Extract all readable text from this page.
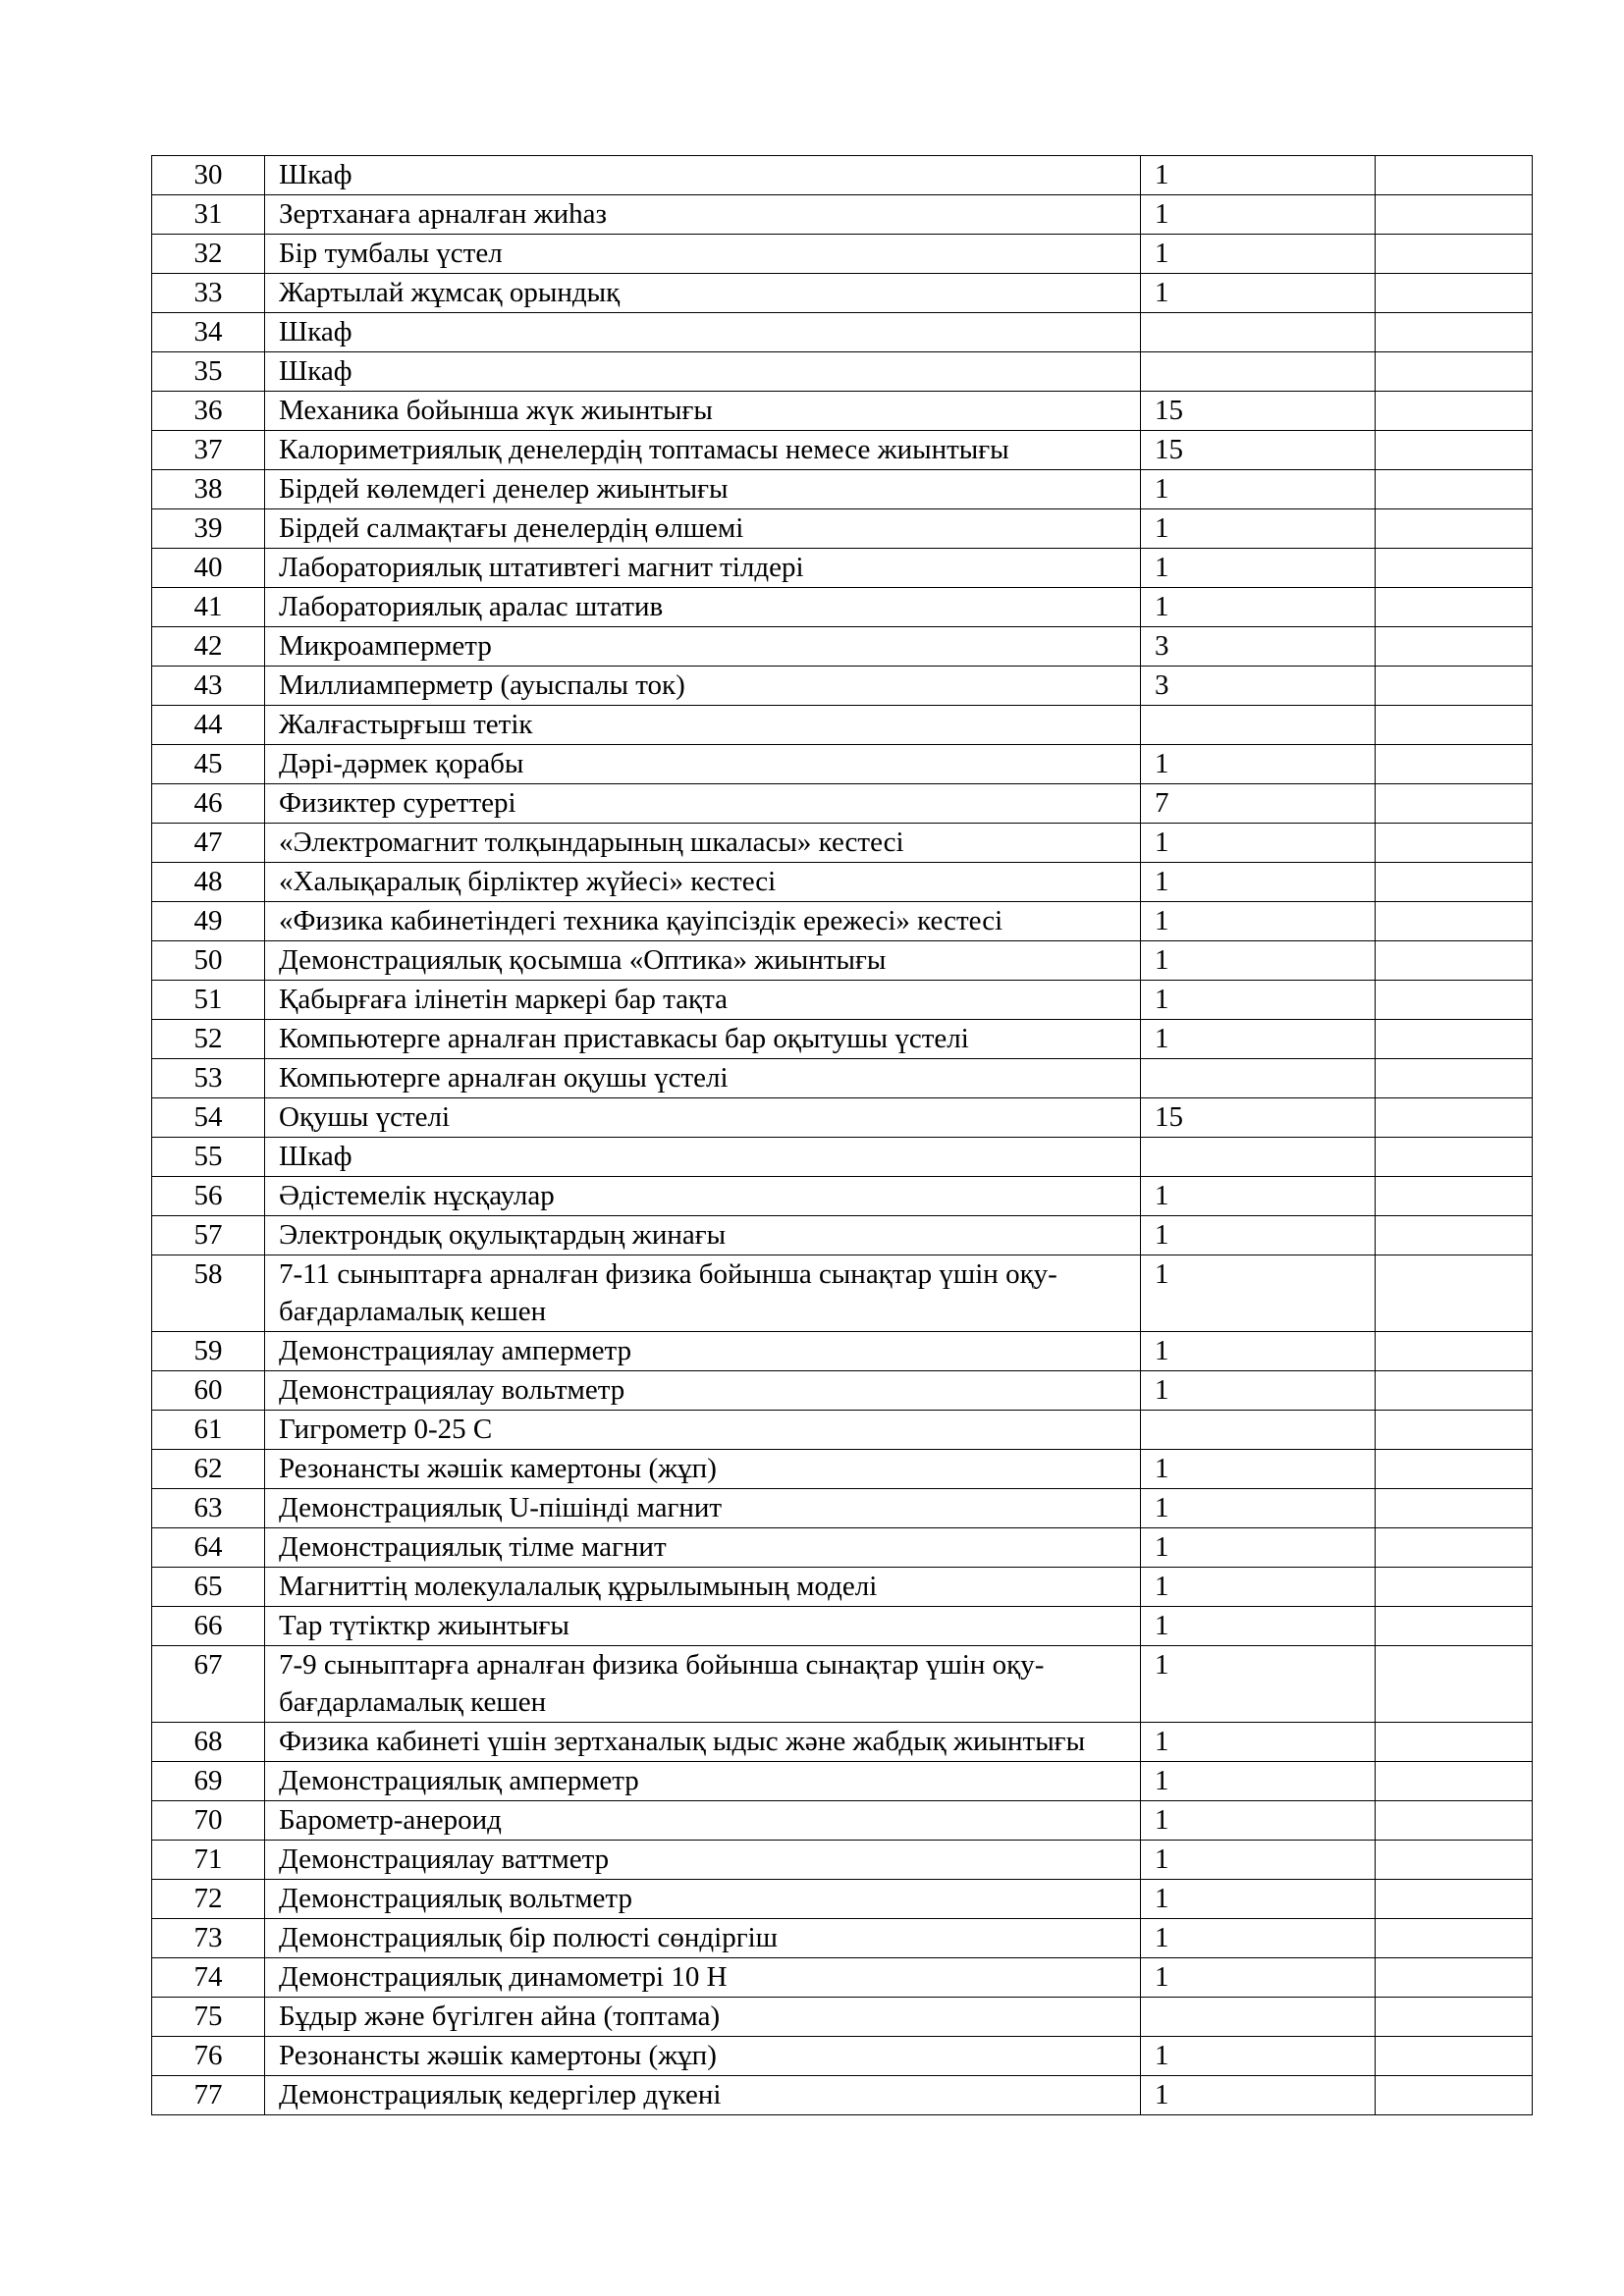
30	Шкаф	1	
31	Зертханаға арналған жиһаз	1	
32	Бір тумбалы үстел	1	
33	Жартылай жұмсақ орындық	1	
34	Шкаф		
35	Шкаф		
36	Механика бойынша жүк жиынтығы	15	
37	Калориметриялық денелердің топтамасы немесе жиынтығы	15	
38	Бірдей көлемдегі денелер жиынтығы	1	
39	Бірдей салмақтағы денелердің өлшемі	1	
40	Лабораториялық штативтегі магнит тілдері	1	
41	Лабораториялық аралас штатив	1	
42	Микроамперметр	3	
43	Миллиамперметр (ауыспалы ток)	3	
44	Жалғастырғыш тетік		
45	Дәрі-дәрмек қорабы	1	
46	Физиктер суреттері	7	
47	«Электромагнит толқындарының шкаласы» кестесі	1	
48	«Халықаралық бірліктер жүйесі» кестесі	1	
49	«Физика кабинетіндегі техника қауіпсіздік ережесі» кестесі	1	
50	Демонстрациялық қосымша «Оптика» жиынтығы	1	
51	Қабырғаға ілінетін маркері бар тақта	1	
52	Компьютерге арналған приставкасы бар оқытушы үстелі	1	
53	Компьютерге арналған оқушы үстелі		
54	Оқушы үстелі	15	
55	Шкаф		
56	Әдістемелік нұсқаулар	1	
57	Электрондық оқулықтардың жинағы	1	
58	7-11 сыныптарға арналған физика бойынша сынақтар үшін оқу-бағдарламалық кешен	1	
59	Демонстрациялау амперметр	1	
60	Демонстрациялау вольтметр	1	
61	Гигрометр 0-25 С		
62	Резонансты жәшік камертоны (жұп)	1	
63	Демонстрациялық U-пішінді магнит	1	
64	Демонстрациялық тілме магнит	1	
65	Магниттің молекулалалық құрылымының моделі	1	
66	Тар түтікткр жиынтығы	1	
67	7-9 сыныптарға арналған физика бойынша сынақтар үшін оқу-бағдарламалық кешен	1	
68	Физика кабинеті үшін зертханалық ыдыс және жабдық жиынтығы	1	
69	Демонстрациялық амперметр	1	
70	Барометр-анероид	1	
71	Демонстрациялау ваттметр	1	
72	Демонстрациялық вольтметр	1	
73	Демонстрациялық бір полюсті сөндіргіш	1	
74	Демонстрациялық динамометрі 10 Н	1	
75	Бұдыр және бүгілген айна (топтама)		
76	Резонансты жәшік камертоны (жұп)	1	
77	Демонстрациялық кедергілер дүкені	1	
